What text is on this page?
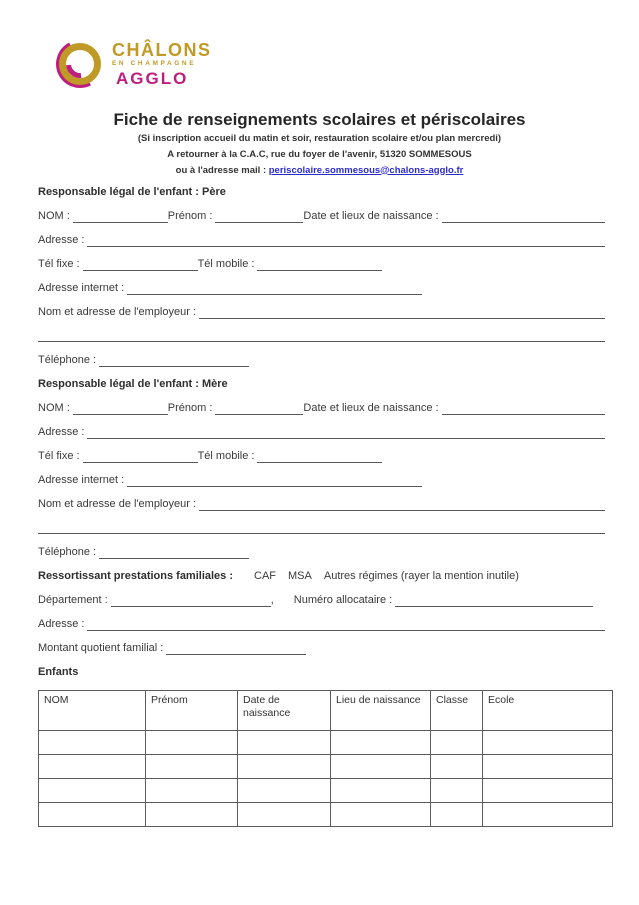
CHÂLONS
EN CHAMPAGNE
AGGLO
Fiche de renseignements scolaires et périscolaires
(Si inscription accueil du matin et soir, restauration scolaire et/ou plan mercredi)
A retourner à la C.A.C, rue du foyer de l'avenir, 51320 SOMMESOUS
ou à l'adresse mail : periscolaire.sommesous@chalons-agglo.fr
Responsable légal de l'enfant : Père
NOM :	Prénom :	Date et lieux de naissance :
Adresse :
Tél fixe :	Tél mobile :
Adresse internet :
Nom et adresse de l'employeur :
Téléphone :
Responsable légal de l'enfant : Mère
NOM :	Prénom :	Date et lieux de naissance :
Adresse :
Tél fixe :	Tél mobile :
Adresse internet :
Nom et adresse de l'employeur :
Téléphone :
Ressortissant prestations familiales : CAF MSA Autres régimes (rayer la mention inutile)
Département :	, Numéro allocataire :
Adresse :
Montant quotient familial :
Enfants
NOM	Prénom	Date de naissance	Lieu de naissance	Classe	Ecole
